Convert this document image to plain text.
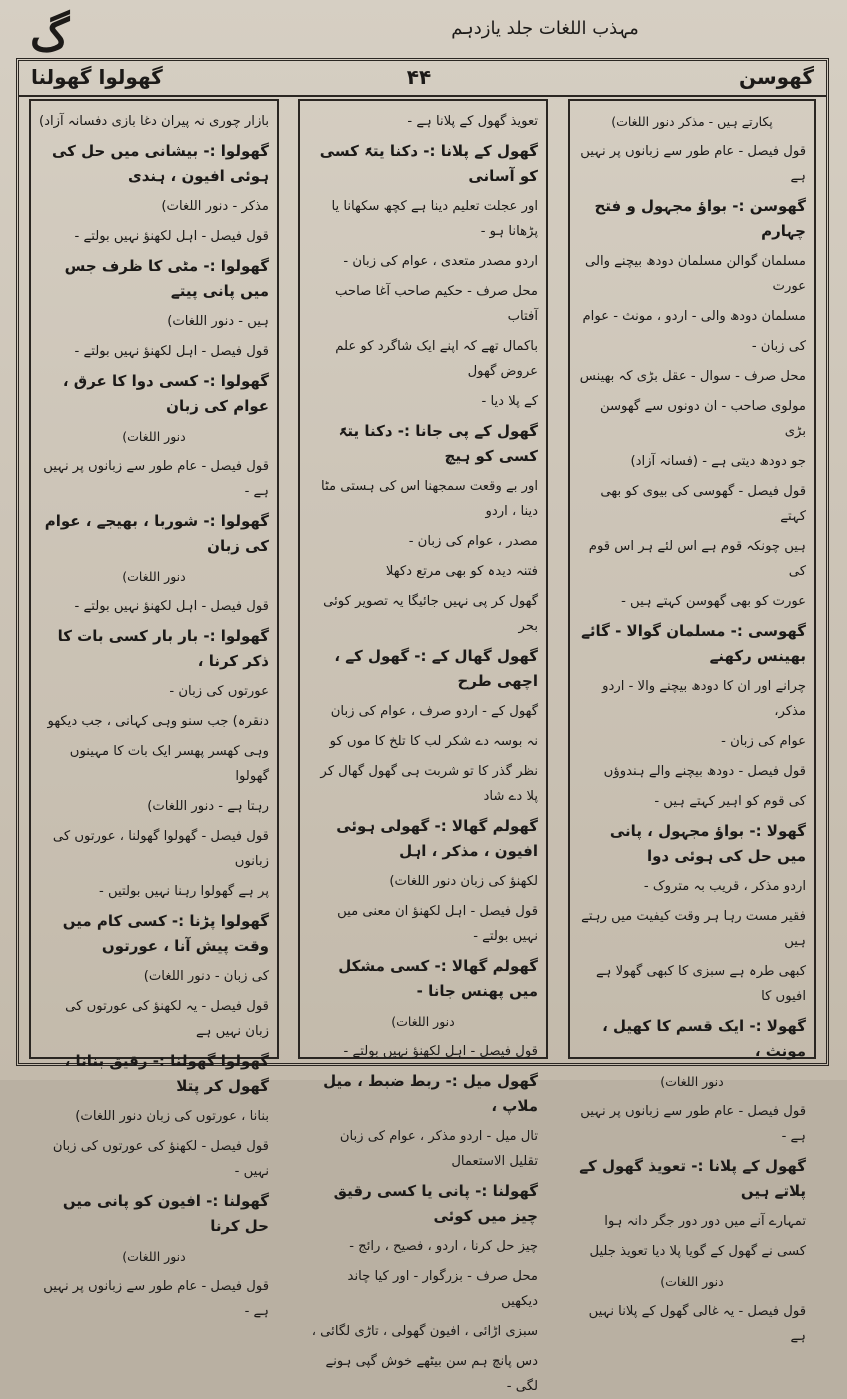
مہذب اللغات جلد یازدہم
گ
گھوسن
۴۴
گھولوا گھولنا
پکارتے ہیں - مذکر دنور اللغات)
قول فیصل - عام طور سے زبانوں پر نہیں ہے
گھوسن :- بواؤ مجہول و فتح چہارم
مسلمان گوالن مسلمان دودھ بیچنے والی عورت
مسلمان دودھ والی - اردو ، مونث - عوام
کی زبان -
محل صرف - سوال - عقل بڑی کہ بھینس
مولوی صاحب - ان دونوں سے گھوسن بڑی
جو دودھ دیتی ہے - (فسانہ آزاد)
قول فیصل - گھوسی کی بیوی کو بھی کہتے
ہیں چونکہ قوم ہے اس لئے ہر اس قوم کی
عورت کو بھی گھوسن کہتے ہیں -
گھوسی :- مسلمان گوالا - گائے بھینس رکھنے
چرانے اور ان کا دودھ بیچنے والا - اردو مذکر،
عوام کی زبان -
قول فیصل - دودھ بیچنے والے ہندوؤں
کی قوم کو اہیر کہتے ہیں -
گھولا :- بواؤ مجہول ، پانی میں حل کی ہوئی دوا
اردو مذکر ، قریب بہ متروک -
فقیر مست رہا ہر وقت کیفیت میں رہتے ہیں
کبھی طرہ ہے سبزی کا کبھی گھولا ہے افیوں کا
گھولا :- ایک قسم کا کھیل ، مونث ،
دنور اللغات)
قول فیصل - عام طور سے زبانوں پر نہیں ہے -
گھول کے پلانا :- تعویذ گھول کے پلاتے ہیں
تمہارے آنے میں دور دور جگر دانہ ہوا
کسی نے گھول کے گویا پلا دیا تعویذ جلیل
دنور اللغات)
قول فیصل - یہ غالی گھول کے پلانا نہیں ہے
تعویذ گھول کے پلانا ہے -
گھول کے پلانا :- دکنا یتہً کسی کو آسانی
اور عجلت تعلیم دینا ہے کچھ سکھانا یا پڑھانا ہو -
اردو مصدر متعدی ، عوام کی زبان -
محل صرف - حکیم صاحب آغا صاحب آفتاب
باکمال تھے کہ اپنے ایک شاگرد کو علم عروض گھول
کے پلا دیا -
گھول کے پی جانا :- دکنا یتہً کسی کو ہیچ
اور بے وقعت سمجھنا اس کی ہستی مٹا دینا ، اردو
مصدر ، عوام کی زبان -
فتنہ دیدہ کو بھی مرتع دکھلا
گھول کر پی نہیں جائیگا یہ تصویر کوئی بحر
گھول گھال کے :- گھول کے ، اچھی طرح
گھول کے - اردو صرف ، عوام کی زبان
نہ بوسہ دے شکر لب کا تلخ کا موں کو
نظر گذر کا تو شربت ہی گھول گھال کر پلا دے شاد
گھولم گھالا :- گھولی ہوئی افیون ، مذکر ، اہل
لکھنؤ کی زبان دنور اللغات)
قول فیصل - اہل لکھنؤ ان معنی میں نہیں بولتے -
گھولم گھالا :- کسی مشکل میں پھنس جانا -
دنور اللغات)
قول فیصل - اہل لکھنؤ نہیں بولتے -
گھول میل :- ربط ضبط ، میل ملاپ ،
تال میل - اردو مذکر ، عوام کی زبان تقلیل الاستعمال
گھولنا :- پانی یا کسی رقیق چیز میں کوئی
چیز حل کرنا ، اردو ، فصیح ، رائج -
محل صرف - بزرگوار - اور کیا چاند دیکھیں
سبزی اڑائی ، افیون گھولی ، تاڑی لگائی ،
دس پانچ ہم سن بیٹھے خوش گپی ہونے لگی -
بازار چوری نہ پیران دغا بازی دفسانہ آزاد)
گھولوا :- بیشانی میں حل کی ہوئی افیون ، ہندی
مذکر - دنور اللغات)
قول فیصل - اہل لکھنؤ نہیں بولتے -
گھولوا :- مٹی کا ظرف جس میں پانی پیتے
ہیں - دنور اللغات)
قول فیصل - اہل لکھنؤ نہیں بولتے -
گھولوا :- کسی دوا کا عرق ، عوام کی زبان
دنور اللغات)
قول فیصل - عام طور سے زبانوں پر نہیں ہے -
گھولوا :- شوربا ، بھیجے ، عوام کی زبان
دنور اللغات)
قول فیصل - اہل لکھنؤ نہیں بولتے -
گھولوا :- بار بار کسی بات کا ذکر کرنا ،
عورتوں کی زبان -
دنقرہ) جب سنو وہی کہانی ، جب دیکھو
وہی کھسر پھسر ایک بات کا مہینوں گھولوا
رہتا ہے - دنور اللغات)
قول فیصل - گھولوا گھولنا ، عورتوں کی زبانوں
پر ہے گھولوا رہنا نہیں بولتیں -
گھولوا پڑنا :- کسی کام میں وقت پیش آنا ، عورتوں
کی زبان - دنور اللغات)
قول فیصل - یہ لکھنؤ کی عورتوں کی زبان نہیں ہے
گھولوا گھولنا :- رقیق بنانا ، گھول کر پتلا
بنانا ، عورتوں کی زبان دنور اللغات)
قول فیصل - لکھنؤ کی عورتوں کی زبان نہیں -
گھولنا :- افیون کو پانی میں حل کرنا
دنور اللغات)
قول فیصل - عام طور سے زبانوں پر نہیں ہے -
